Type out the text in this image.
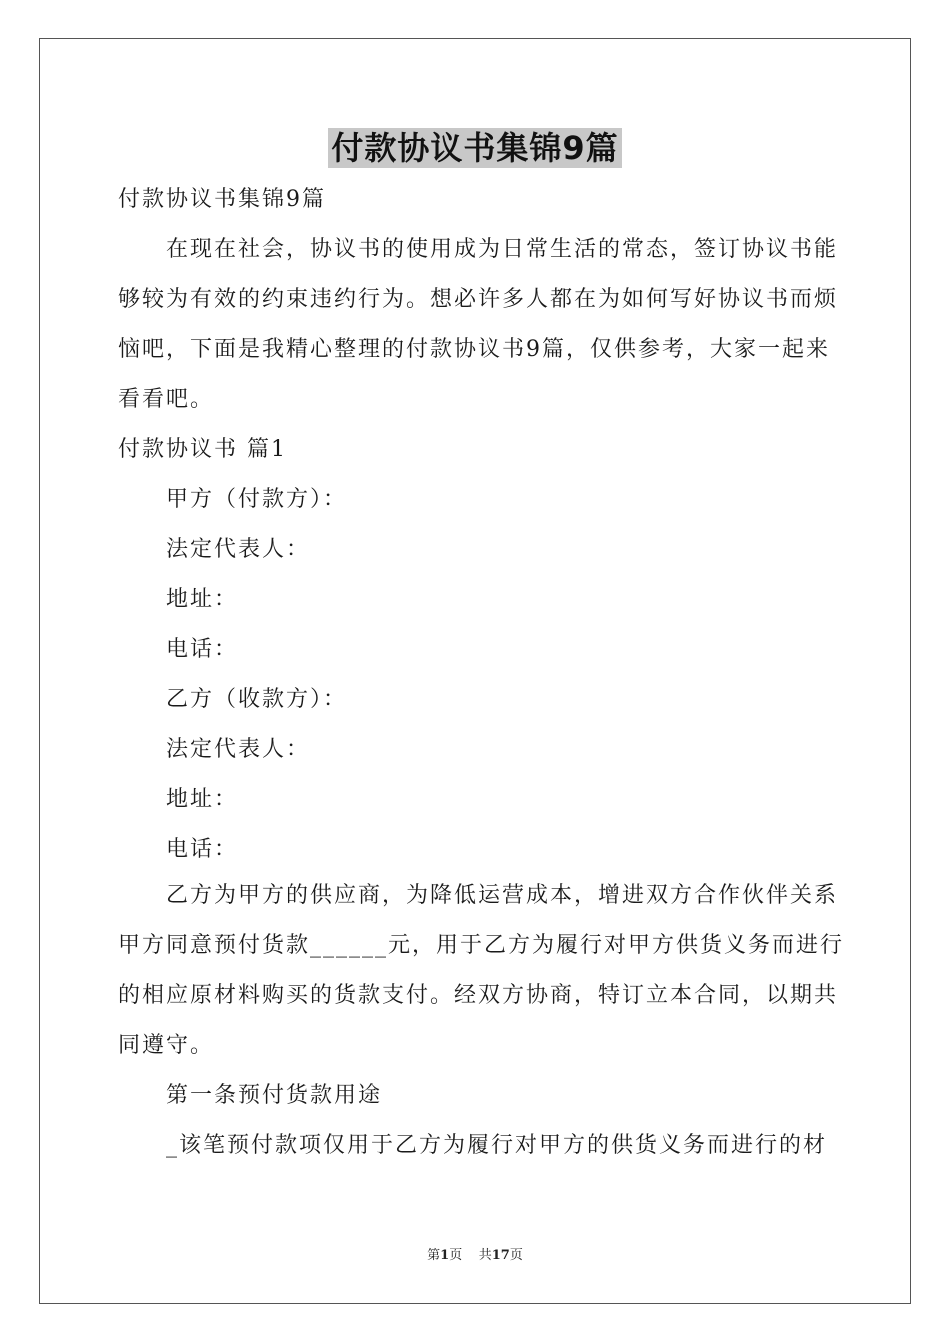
付款协议书集锦9篇
付款协议书集锦9篇
在现在社会，协议书的使用成为日常生活的常态，签订协议书能
够较为有效的约束违约行为。想必许多人都在为如何写好协议书而烦
恼吧，下面是我精心整理的付款协议书9篇，仅供参考，大家一起来
看看吧。
付款协议书 篇1
甲方（付款方）：
法定代表人：
地址：
电话：
乙方（收款方）：
法定代表人：
地址：
电话：
乙方为甲方的供应商，为降低运营成本，增进双方合作伙伴关系
甲方同意预付货款______元，用于乙方为履行对甲方供货义务而进行
的相应原材料购买的货款支付。经双方协商，特订立本合同，以期共
同遵守。
第一条预付货款用途
_该笔预付款项仅用于乙方为履行对甲方的供货义务而进行的材
第1页    共17页
